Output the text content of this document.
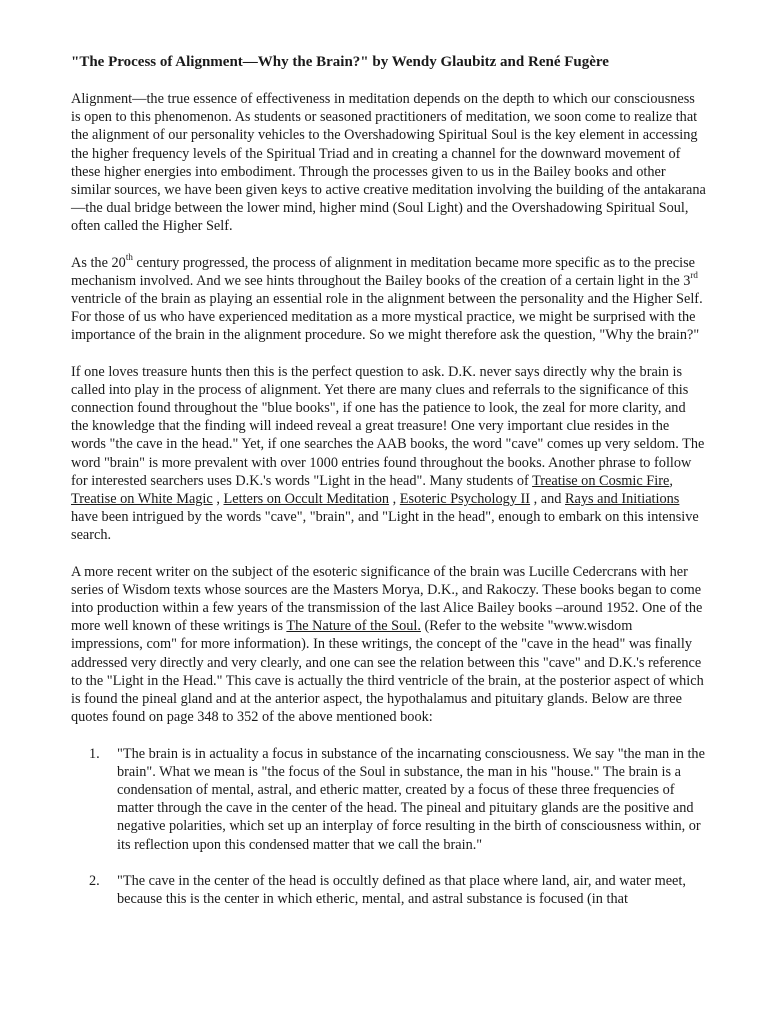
"The Process of Alignment—Why the Brain?" by Wendy Glaubitz and René Fugère

Alignment—the true essence of effectiveness in meditation depends on the depth to which our consciousness is open to this phenomenon. As students or seasoned practitioners of meditation, we soon come to realize that the alignment of our personality vehicles to the Overshadowing Spiritual Soul is the key element in accessing the higher frequency levels of the Spiritual Triad and in creating a channel for the downward movement of these higher energies into embodiment. Through the processes given to us in the Bailey books and other similar sources, we have been given keys to active creative meditation involving the building of the antakarana—the dual bridge between the lower mind, higher mind (Soul Light) and the Overshadowing Spiritual Soul, often called the Higher Self.

As the 20th century progressed, the process of alignment in meditation became more specific as to the precise mechanism involved. And we see hints throughout the Bailey books of the creation of a certain light in the 3rd ventricle of the brain as playing an essential role in the alignment between the personality and the Higher Self. For those of us who have experienced meditation as a more mystical practice, we might be surprised with the importance of the brain in the alignment procedure. So we might therefore ask the question, "Why the brain?"

If one loves treasure hunts then this is the perfect question to ask. D.K. never says directly why the brain is called into play in the process of alignment. Yet there are many clues and referrals to the significance of this connection found throughout the "blue books", if one has the patience to look, the zeal for more clarity, and the knowledge that the finding will indeed reveal a great treasure! One very important clue resides in the words "the cave in the head." Yet, if one searches the AAB books, the word "cave" comes up very seldom. The word "brain" is more prevalent with over 1000 entries found throughout the books. Another phrase to follow for interested searchers uses D.K.'s words "Light in the head". Many students of Treatise on Cosmic Fire, Treatise on White Magic , Letters on Occult Meditation , Esoteric Psychology II , and Rays and Initiations have been intrigued by the words "cave", "brain", and "Light in the head", enough to embark on this intensive search.

A more recent writer on the subject of the esoteric significance of the brain was Lucille Cedercrans with her series of Wisdom texts whose sources are the Masters Morya, D.K., and Rakoczy. These books began to come into production within a few years of the transmission of the last Alice Bailey books –around 1952. One of the more well known of these writings is The Nature of the Soul. (Refer to the website "www.wisdom impressions, com" for more information). In these writings, the concept of the "cave in the head" was finally addressed very directly and very clearly, and one can see the relation between this "cave" and D.K.'s reference to the "Light in the Head." This cave is actually the third ventricle of the brain, at the posterior aspect of which is found the pineal gland and at the anterior aspect, the hypothalamus and pituitary glands. Below are three quotes found on page 348 to 352 of the above mentioned book:

1. "The brain is in actuality a focus in substance of the incarnating consciousness. We say "the man in the brain". What we mean is "the focus of the Soul in substance, the man in his "house." The brain is a condensation of mental, astral, and etheric matter, created by a focus of these three frequencies of matter through the cave in the center of the head. The pineal and pituitary glands are the positive and negative polarities, which set up an interplay of force resulting in the birth of consciousness within, or its reflection upon this condensed matter that we call the brain."
2. "The cave in the center of the head is occultly defined as that place where land, air, and water meet, because this is the center in which etheric, mental, and astral substance is focused (in that
